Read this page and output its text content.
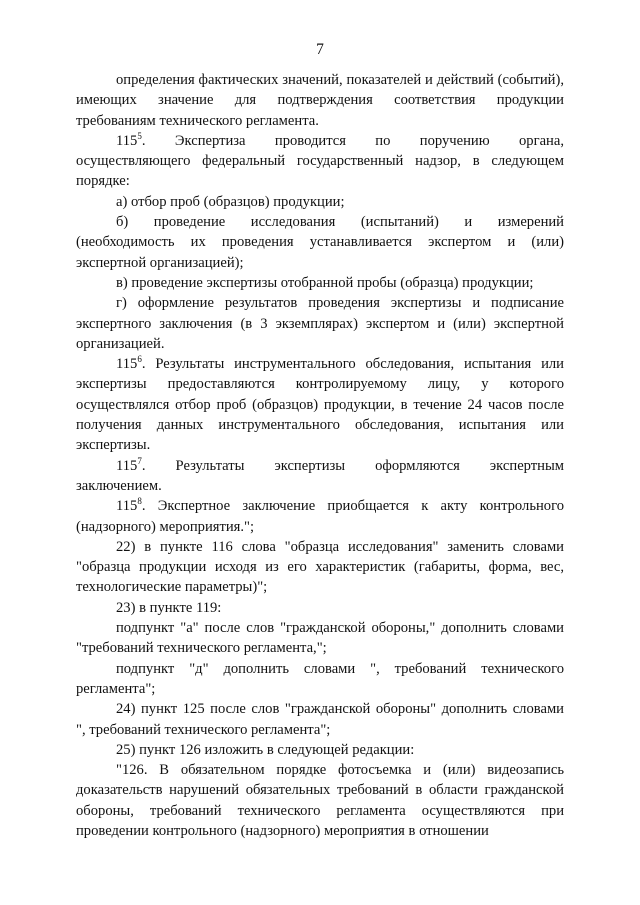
7
определения фактических значений, показателей и действий (событий),
имеющих значение для подтверждения соответствия продукции
требованиям технического регламента.
$115^5$. Экспертиза проводится по поручению органа,
осуществляющего федеральный государственный надзор, в следующем
порядке:
а) отбор проб (образцов) продукции;
б) проведение исследования (испытаний) и измерений
(необходимость их проведения устанавливается экспертом и (или)
экспертной организацией);
в) проведение экспертизы отобранной пробы (образца) продукции;
г) оформление результатов проведения экспертизы и подписание
экспертного заключения (в 3 экземплярах) экспертом и (или) экспертной
организацией.
$115^6$. Результаты инструментального обследования, испытания или
экспертизы предоставляются контролируемому лицу, у которого
осуществлялся отбор проб (образцов) продукции, в течение 24 часов после
получения данных инструментального обследования, испытания или
экспертизы.
$115^7$. Результаты экспертизы оформляются экспертным
заключением.
$115^8$. Экспертное заключение приобщается к акту контрольного
(надзорного) мероприятия.";
22) в пункте 116 слова "образца исследования" заменить словами
"образца продукции исходя из его характеристик (габариты, форма, вес,
технологические параметры)";
23) в пункте 119:
подпункт "а" после слов "гражданской обороны," дополнить словами
"требований технического регламента,";
подпункт "д" дополнить словами ", требований технического
регламента";
24) пункт 125 после слов "гражданской обороны" дополнить словами
", требований технического регламента";
25) пункт 126 изложить в следующей редакции:
"126. В обязательном порядке фотосъемка и (или) видеозапись
доказательств нарушений обязательных требований в области гражданской
обороны, требований технического регламента осуществляются при
проведении контрольного (надзорного) мероприятия в отношении
